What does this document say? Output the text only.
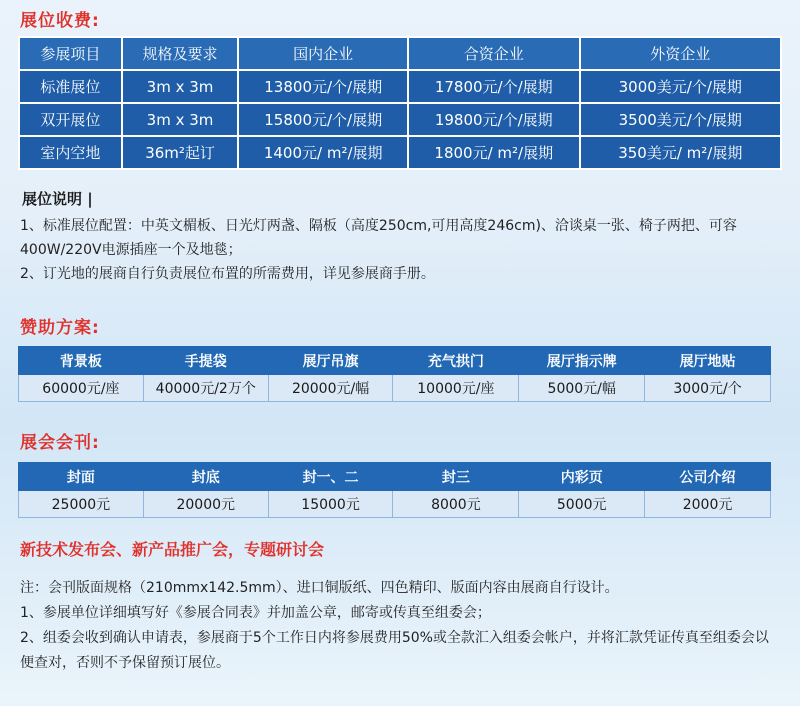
展位收费:
参展项目	规格及要求	国内企业	合资企业	外资企业
标准展位	3m x 3m	13800元/个/展期	17800元/个/展期	3000美元/个/展期
双开展位	3m x 3m	15800元/个/展期	19800元/个/展期	3500美元/个/展期
室内空地	36m²起订	1400元/ m²/展期	1800元/ m²/展期	350美元/ m²/展期
展位说明 |

1、标准展位配置：中英文楣板、日光灯两盏、隔板（高度250cm,可用高度246cm)、洽谈桌一张、椅子两把、可容400W/220V电源插座一个及地毯；

2、订光地的展商自行负责展位布置的所需费用，详见参展商手册。

赞助方案:
背景板	手提袋	展厅吊旗	充气拱门	展厅指示牌	展厅地贴
60000元/座	40000元/2万个	20000元/幅	10000元/座	5000元/幅	3000元/个
展会会刊:
封面	封底	封一、二	封三	内彩页	公司介绍
25000元	20000元	15000元	8000元	5000元	2000元
新技术发布会、新产品推广会，专题研讨会

注：会刊版面规格（210mmx142.5mm）、进口铜版纸、四色精印、版面内容由展商自行设计。

1、参展单位详细填写好《参展合同表》并加盖公章，邮寄或传真至组委会；

2、组委会收到确认申请表，参展商于5个工作日内将参展费用50%或全款汇入组委会帐户，并将汇款凭证传真至组委会以便查对，否则不予保留预订展位。
